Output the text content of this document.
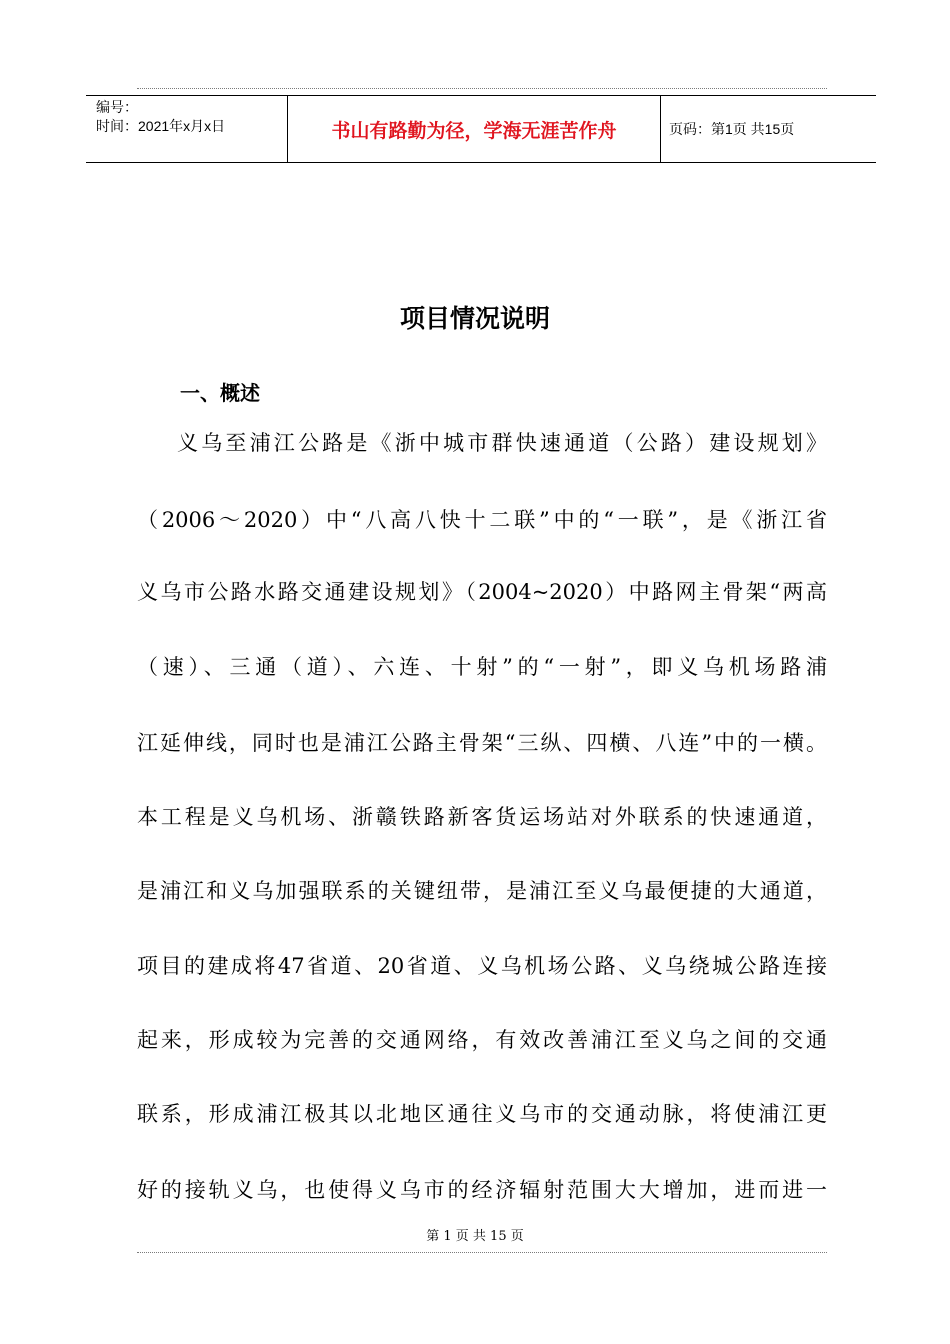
编号：
时间：2021年x月x日	书山有路勤为径，学海无涯苦作舟	页码：第1页 共15页
项目情况说明
一、概述
义乌至浦江公路是《浙中城市群快速通道（公路）建设规划》
（2006～2020）中“八高八快十二联”中的“一联”，是《浙江省
义乌市公路水路交通建设规划》（2004~2020）中路网主骨架“两高
（速）、三通（道）、六连、十射”的“一射”，即义乌机场路浦
江延伸线，同时也是浦江公路主骨架“三纵、四横、八连”中的一横。
本工程是义乌机场、浙赣铁路新客货运场站对外联系的快速通道，
是浦江和义乌加强联系的关键纽带，是浦江至义乌最便捷的大通道，
项目的建成将47省道、20省道、义乌机场公路、义乌绕城公路连接
起来，形成较为完善的交通网络，有效改善浦江至义乌之间的交通
联系，形成浦江极其以北地区通往义乌市的交通动脉，将使浦江更
好的接轨义乌，也使得义乌市的经济辐射范围大大增加，进而进一
第 1 页 共 15 页
